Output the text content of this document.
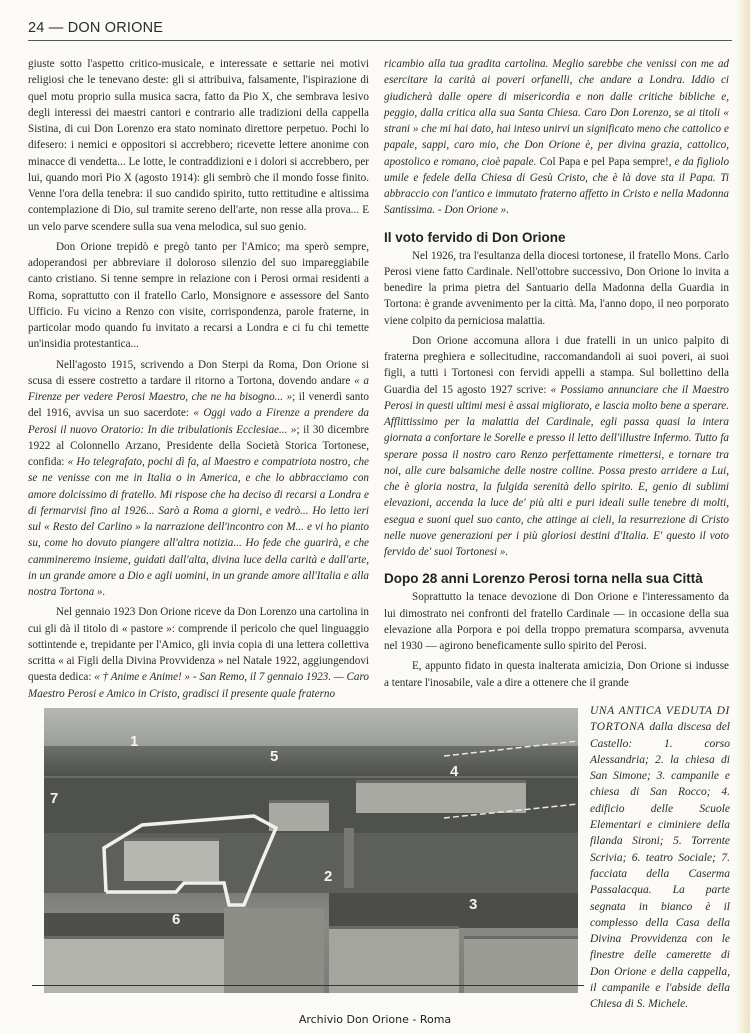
24 — DON ORIONE

giuste sotto l'aspetto critico-musicale, e interessate e settarie nei motivi religiosi che le tenevano deste: gli si attribuiva, falsamente, l'ispirazione di quel motu proprio sulla musica sacra, fatto da Pio X, che sembrava lesivo degli interessi dei maestri cantori e contrario alle tradizioni della cappella Sistina, di cui Don Lorenzo era stato nominato direttore perpetuo. Pochi lo difesero: i nemici e oppositori si accrebbero; ricevette lettere anonime con minacce di vendetta... Le lotte, le contraddizioni e i dolori si accrebbero, per lui, quando morì Pio X (agosto 1914): gli sembrò che il mondo fosse finito. Venne l'ora della tenebra: il suo candido spirito, tutto rettitudine e altissima contemplazione di Dio, sul tramite sereno dell'arte, non resse alla prova... E un velo parve scendere sulla sua vena melodica, sul suo genio.

Don Orione trepidò e pregò tanto per l'Amico; ma sperò sempre, adoperandosi per abbreviare il doloroso silenzio del suo impareggiabile canto cristiano. Si tenne sempre in relazione con i Perosi ormai residenti a Roma, soprattutto con il fratello Carlo, Monsignore e assessore del Santo Ufficio. Fu vicino a Renzo con visite, corrispondenza, parole fraterne, in particolar modo quando fu invitato a recarsi a Londra e ci fu chi temette un'insidia protestantica...

Nell'agosto 1915, scrivendo a Don Sterpi da Roma, Don Orione si scusa di essere costretto a tardare il ritorno a Tortona, dovendo andare « a Firenze per vedere Perosi Maestro, che ne ha bisogno... »; il venerdì santo del 1916, avvisa un suo sacerdote: « Oggi vado a Firenze a prendere da Perosi il nuovo Oratorio: In die tribulationis Ecclesiae... »; il 30 dicembre 1922 al Colonnello Arzano, Presidente della Società Storica Tortonese, confida: « Ho telegrafato, pochi dì fa, al Maestro e compatriota nostro, che se ne venisse con me in Italia o in America, e che lo abbracciamo con amore dolcissimo di fratello. Mi rispose che ha deciso di recarsi a Londra e di fermarvisi fino al 1926... Sarò a Roma a giorni, e vedrò... Ho letto ieri sul « Resto del Carlino » la narrazione dell'incontro con M... e vi ho pianto su, come ho dovuto piangere all'altra notizia... Ho fede che guarirà, e che cammineremo insieme, guidati dall'alta, divina luce della carità e dall'arte, in un grande amore a Dio e agli uomini, in un grande amore all'Italia e alla nostra Tortona ».

Nel gennaio 1923 Don Orione riceve da Don Lorenzo una cartolina in cui gli dà il titolo di « pastore »: comprende il pericolo che quel linguaggio sottintende e, trepidante per l'Amico, gli invia copia di una lettera collettiva scritta « ai Figli della Divina Provvidenza » nel Natale 1922, aggiungendovi questa dedica: « † Anime e Anime! » - San Remo, il 7 gennaio 1923. — Caro Maestro Perosi e Amico in Cristo, gradisci il presente quale fraterno

ricambio alla tua gradita cartolina. Meglio sarebbe che venissi con me ad esercitare la carità ai poveri orfanelli, che andare a Londra. Iddio ci giudicherà dalle opere di misericordia e non dalle critiche bibliche e, peggio, dalla critica alla sua Santa Chiesa. Caro Don Lorenzo, se ai titoli « strani » che mi hai dato, hai inteso unirvi un significato meno che cattolico e papale, sappi, caro mio, che Don Orione è, per divina grazia, cattolico, apostolico e romano, cioè papale. Col Papa e pel Papa sempre!, e da figliolo umile e fedele della Chiesa di Gesù Cristo, che è là dove sta il Papa. Ti abbraccio con l'antico e immutato fraterno affetto in Cristo e nella Madonna Santissima. - Don Orione ».

Il voto fervido di Don Orione

Nel 1926, tra l'esultanza della diocesi tortonese, il fratello Mons. Carlo Perosi viene fatto Cardinale. Nell'ottobre successivo, Don Orione lo invita a benedire la prima pietra del Santuario della Madonna della Guardia in Tortona: è grande avvenimento per la città. Ma, l'anno dopo, il neo porporato viene colpito da perniciosa malattia.

Don Orione accomuna allora i due fratelli in un unico palpito di fraterna preghiera e sollecitudine, raccomandandoli ai suoi poveri, ai suoi figli, a tutti i Tortonesi con fervidi appelli a stampa. Sul bollettino della Guardia del 15 agosto 1927 scrive: « Possiamo annunciare che il Maestro Perosi in questi ultimi mesi è assai migliorato, e lascia molto bene a sperare. Afflittissimo per la malattia del Cardinale, egli passa quasi la intera giornata a confortare le Sorelle e presso il letto dell'illustre Infermo. Tutto fa sperare possa il nostro caro Renzo perfettamente rimettersi, e tornare tra noi, alle cure balsamiche delle nostre colline. Possa presto arridere a Lui, che è gloria nostra, la fulgida serenità dello spirito. E, genio di sublimi elevazioni, accenda la luce de' più alti e puri ideali sulle tenebre di molti, esegua e suoni quel suo canto, che attinge ai cieli, la resurrezione di Cristo nelle nuove generazioni per i più gloriosi destini d'Italia. E' questo il voto fervido de' suoi Tortonesi ».

Dopo 28 anni Lorenzo Perosi torna nella sua Città

Soprattutto la tenace devozione di Don Orione e l'interessamento da lui dimostrato nei confronti del fratello Cardinale — in occasione della sua elevazione alla Porpora e poi della troppo prematura scomparsa, avvenuta nel 1930 — agirono beneficamente sullo spirito del Perosi.

E, appunto fidato in questa inalterata amicizia, Don Orione si indusse a tentare l'inosabile, vale a dire a ottenere che il grande

1
2
3
4
5
6
7
UNA ANTICA VEDUTA DI TORTONA dalla discesa del Castello: 1. corso Alessandria; 2. la chiesa di San Simone; 3. campanile e chiesa di San Rocco; 4. edificio delle Scuole Elementari e ciminiere della filanda Sironi; 5. Torrente Scrivia; 6. teatro Sociale; 7. facciata della Caserma Passalacqua. La parte segnata in bianco è il complesso della Casa della Divina Provvidenza con le finestre delle camerette di Don Orione e della cappella, il campanile e l'abside della Chiesa di S. Michele.
Archivio Don Orione - Roma
